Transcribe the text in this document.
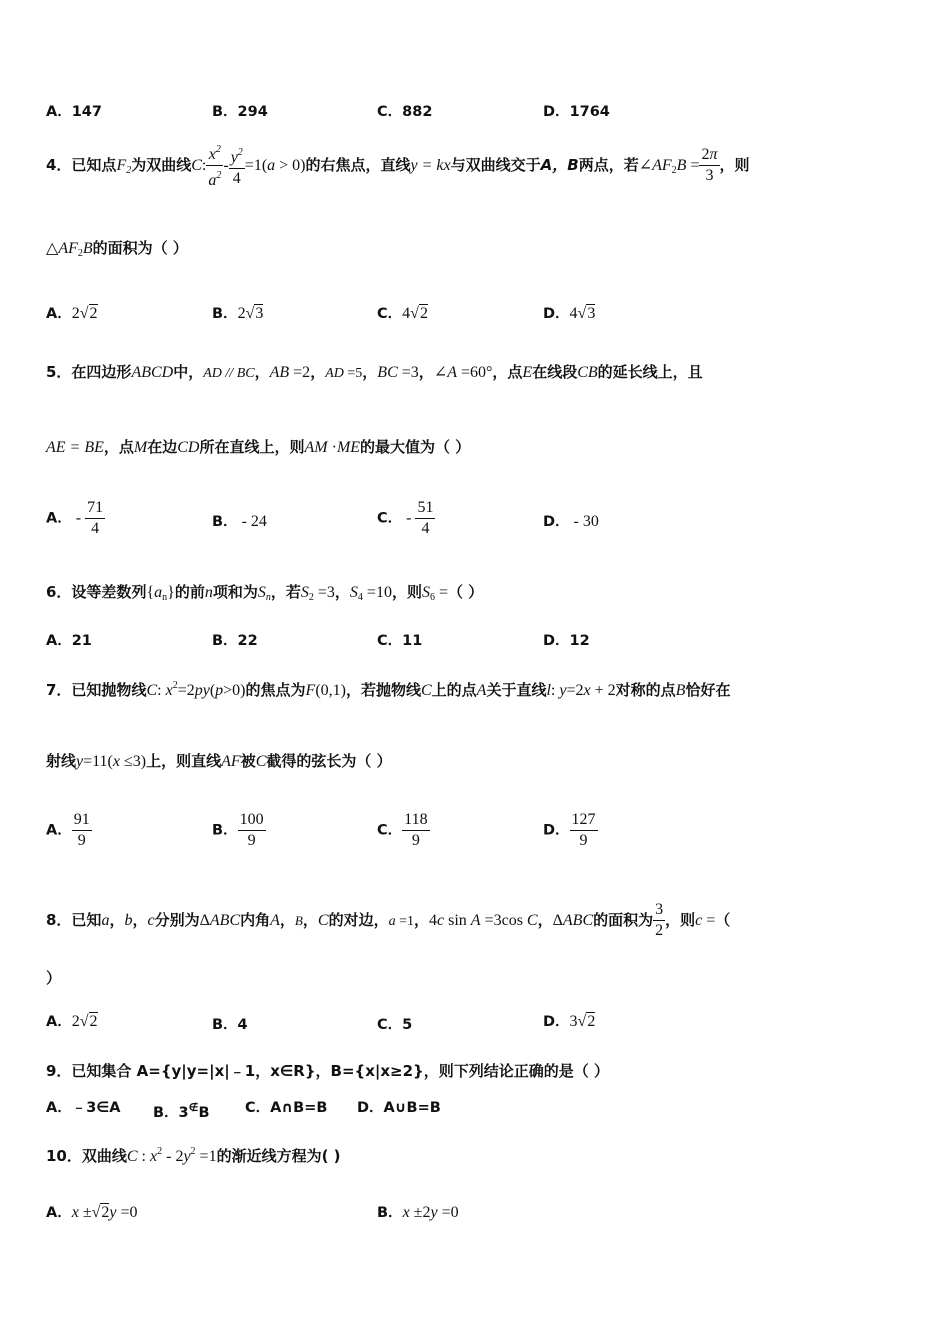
A．147	B．294	C．882	D．1764
4．已知点$F_2$为双曲线C: $\frac{x^2}{a^2} - \frac{y^2}{4} =1(a > 0)$的右焦点，直线y = kx与双曲线交于A，B两点，若$\angle AF_2B = \frac{2\pi}{3}$ ，则
$\triangle AF_2B$的面积为（ ）
A．2√2	B．2√3	C．4√2	D．4√3
5．在四边形ABCD中，AD // BC，AB =2，AD =5，BC =3，∠A =60°，点E在线段CB的延长线上，且
AE = BE，点M在边CD所在直线上，则AM ·ME的最大值为（ ）
A． - $\frac{71}{4}$	B． - 24	C． - $\frac{51}{4}$	D． - 30
6．设等差数列$\{a_n\}$的前n项和为$S_n$，若$S_2 =3$，$S_4 =10$，则$S_6$ =（ ）
A．21	B．22	C．11	D．12
7．已知抛物线C: $x^2=2py(p>0)$的焦点为F(0,1)，若抛物线C上的点A关于直线l: y=2x + 2对称的点B恰好在
射线y=11(x ≤3)上，则直线AF被C截得的弦长为（ ）
A． $\frac{91}{9}$	B． $\frac{100}{9}$	C． $\frac{118}{9}$	D． $\frac{127}{9}$
8．已知a，b，c分别为ΔABC内角A，B，C的对边，a =1，4c sin A =3cos C，ΔABC的面积为 $\frac{3}{2}$ ，则c =（
）
A．2√2	B．4	C．5	D．3√2
9．已知集合 A={y|y=|x|﹣1，x∈R}，B={x|x≥2}，则下列结论正确的是（ ）
A．﹣3∈A B．3∉B C．A∩B=B D．A∪B=B
10．双曲线C : $x^2 - 2y^2 =1$的渐近线方程为( )
A．x ±√2y =0	B．x ±2y =0
